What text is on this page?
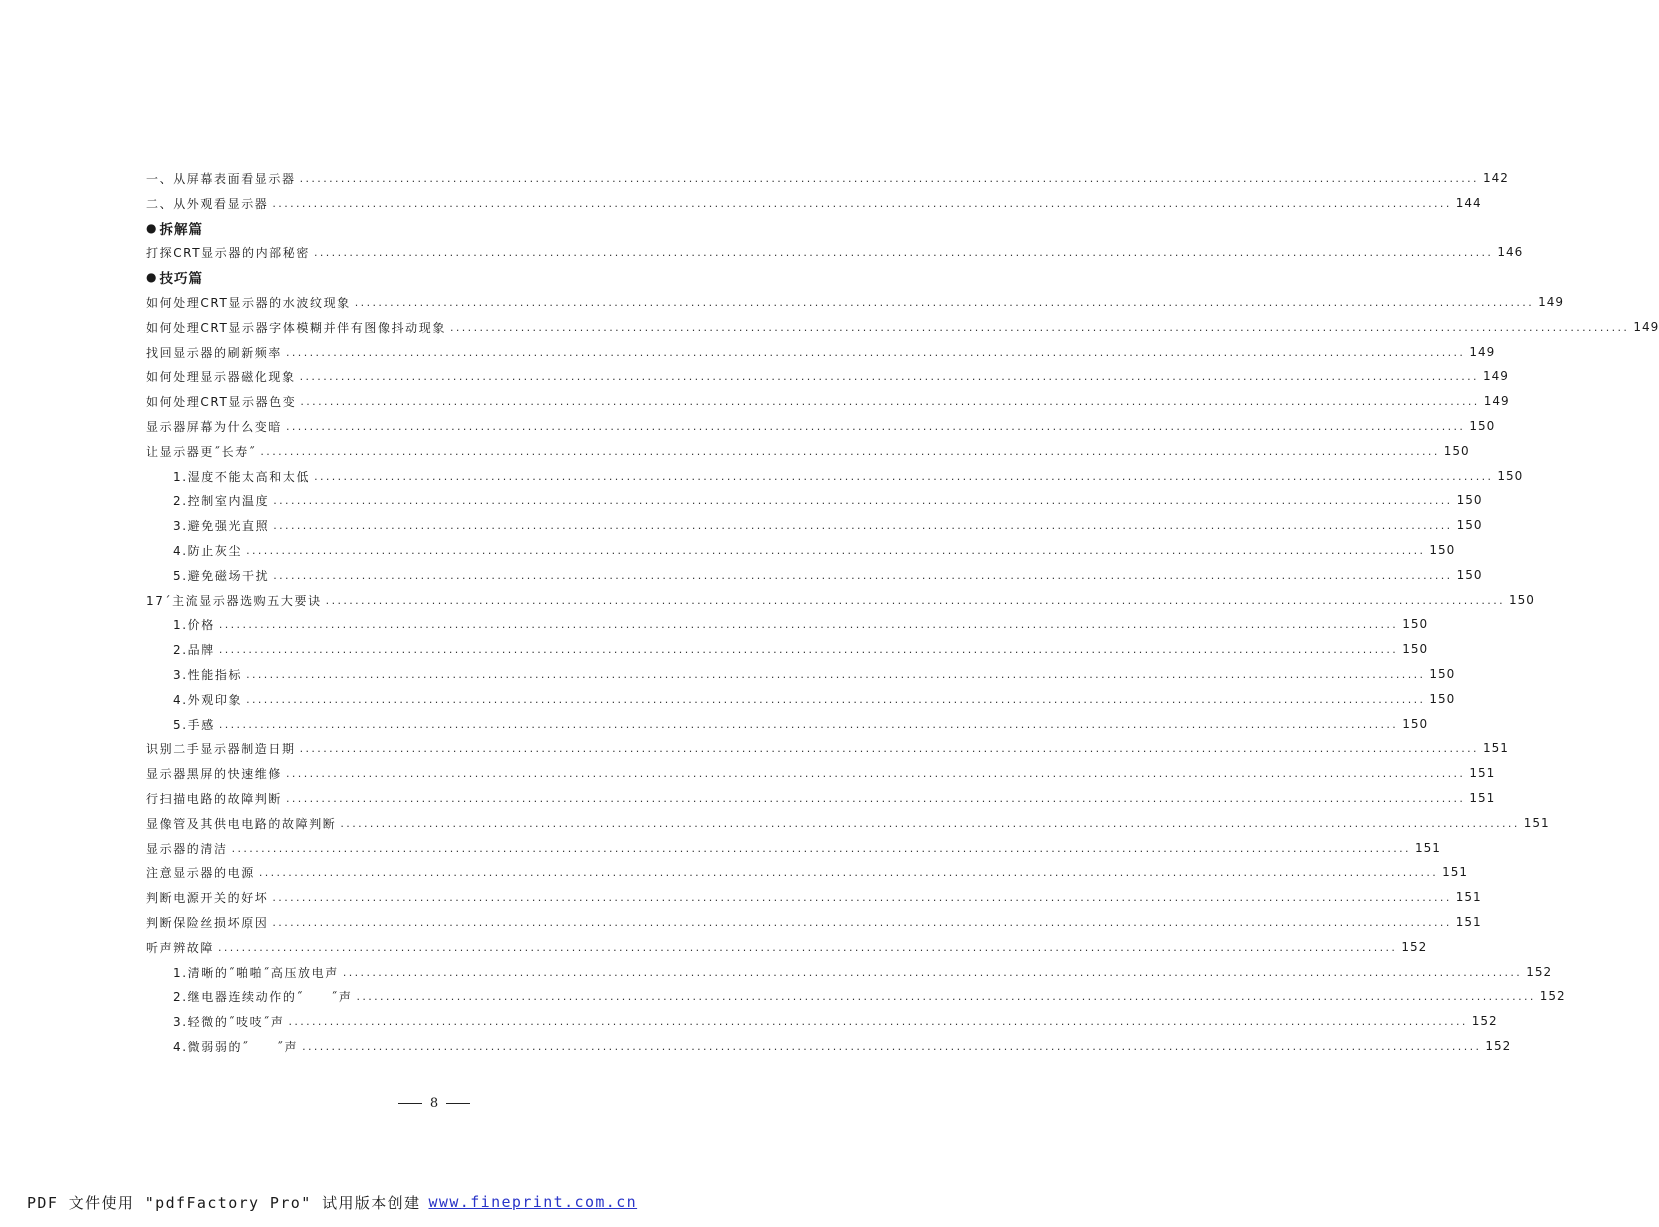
一、从屏幕表面看显示器 ........................................................................................................................................................................................................ 142
二、从外观看显示器 ........................................................................................................................................................................................................ 144
● 拆解篇
打探CRT显示器的内部秘密 ........................................................................................................................................................................................................ 146
● 技巧篇
如何处理CRT显示器的水波纹现象 ........................................................................................................................................................................................................ 149
如何处理CRT显示器字体模糊并伴有图像抖动现象 ........................................................................................................................................................................................................ 149
找回显示器的刷新频率 ........................................................................................................................................................................................................ 149
如何处理显示器磁化现象 ........................................................................................................................................................................................................ 149
如何处理CRT显示器色变 ........................................................................................................................................................................................................ 149
显示器屏幕为什么变暗 ........................................................................................................................................................................................................ 150
让显示器更˝长寿˝ ........................................................................................................................................................................................................ 150
1.湿度不能太高和太低 ........................................................................................................................................................................................................ 150
2.控制室内温度 ........................................................................................................................................................................................................ 150
3.避免强光直照 ........................................................................................................................................................................................................ 150
4.防止灰尘 ........................................................................................................................................................................................................ 150
5.避免磁场干扰 ........................................................................................................................................................................................................ 150
17´主流显示器选购五大要诀 ........................................................................................................................................................................................................ 150
1.价格 ........................................................................................................................................................................................................ 150
2.品牌 ........................................................................................................................................................................................................ 150
3.性能指标 ........................................................................................................................................................................................................ 150
4.外观印象 ........................................................................................................................................................................................................ 150
5.手感 ........................................................................................................................................................................................................ 150
识别二手显示器制造日期 ........................................................................................................................................................................................................ 151
显示器黑屏的快速维修 ........................................................................................................................................................................................................ 151
行扫描电路的故障判断 ........................................................................................................................................................................................................ 151
显像管及其供电电路的故障判断 ........................................................................................................................................................................................................ 151
显示器的清洁 ........................................................................................................................................................................................................ 151
注意显示器的电源 ........................................................................................................................................................................................................ 151
判断电源开关的好坏 ........................................................................................................................................................................................................ 151
判断保险丝损坏原因 ........................................................................................................................................................................................................ 151
听声辨故障 ........................................................................................................................................................................................................ 152
1.清晰的˝啪啪˝高压放电声 ........................................................................................................................................................................................................ 152
2.继电器连续动作的˝　　˝声 ........................................................................................................................................................................................................ 152
3.轻微的˝吱吱˝声 ........................................................................................................................................................................................................ 152
4.微弱弱的˝　　˝声 ........................................................................................................................................................................................................ 152
8
PDF 文件使用 "pdfFactory Pro" 试用版本创建 www.fineprint.com.cn
